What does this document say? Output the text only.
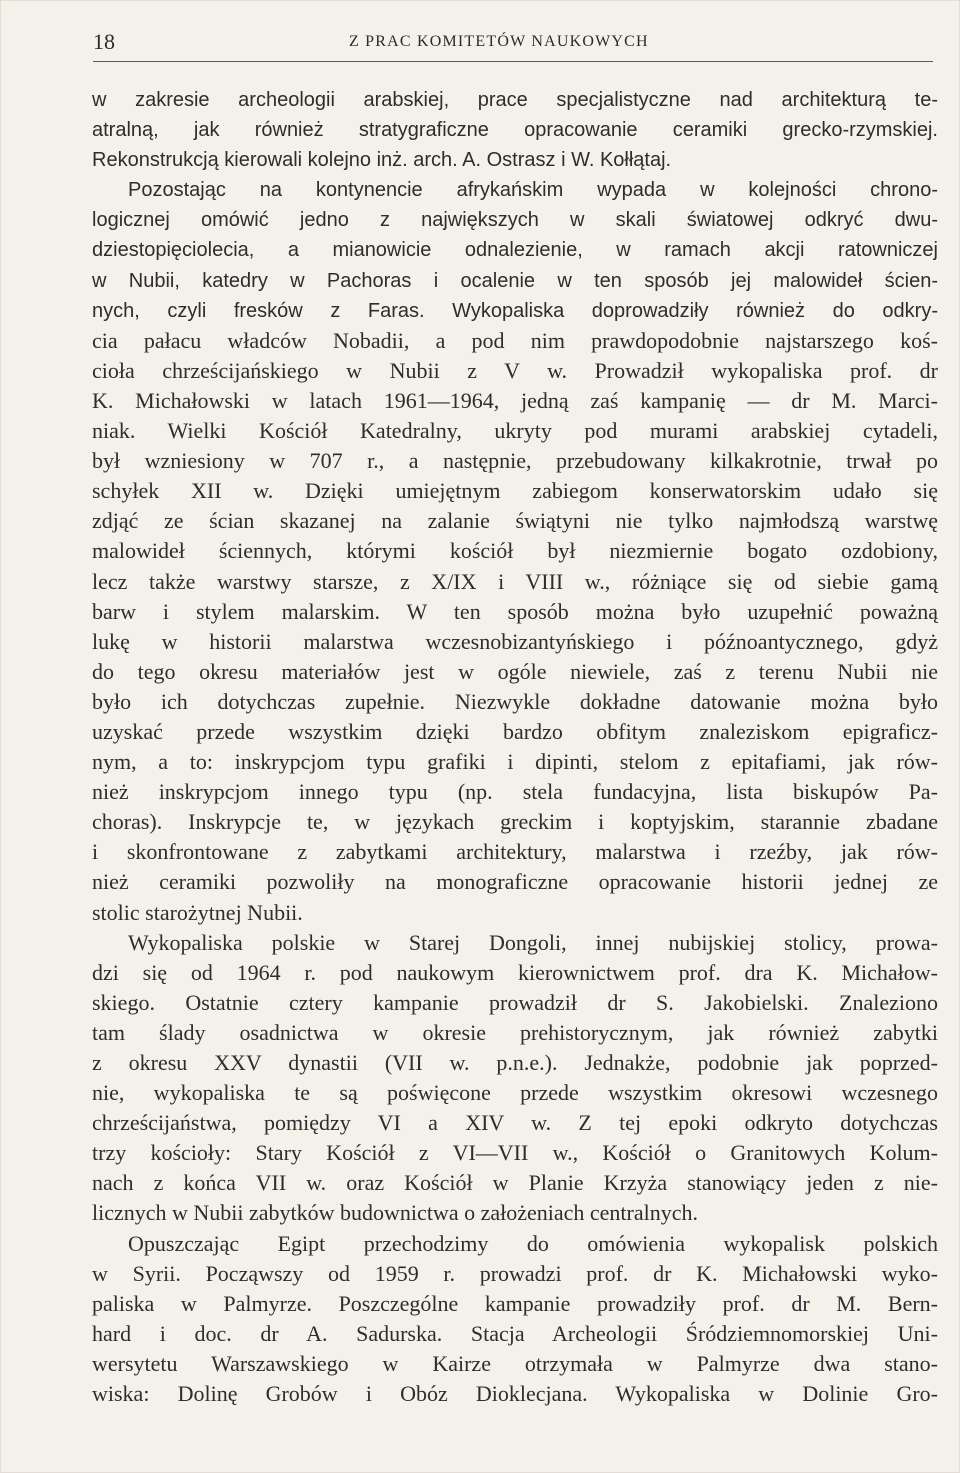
18	Z PRAC KOMITETÓW NAUKOWYCH
w zakresie archeologii arabskiej, prace specjalistyczne nad architekturą te-
atralną, jak również stratygraficzne opracowanie ceramiki grecko-rzymskiej.
Rekonstrukcją kierowali kolejno inż. arch. A. Ostrasz i W. Kołłątaj.
Pozostając na kontynencie afrykańskim wypada w kolejności chrono-
logicznej omówić jedno z największych w skali światowej odkryć dwu-
dziestopięciolecia, a mianowicie odnalezienie, w ramach akcji ratowniczej
w Nubii, katedry w Pachoras i ocalenie w ten sposób jej malowideł ścien-
nych, czyli fresków z Faras. Wykopaliska doprowadziły również do odkry-
cia pałacu władców Nobadii, a pod nim prawdopodobnie najstarszego koś-
cioła chrześcijańskiego w Nubii z V w. Prowadził wykopaliska prof. dr
K. Michałowski w latach 1961—1964, jedną zaś kampanię — dr M. Marci-
niak. Wielki Kościół Katedralny, ukryty pod murami arabskiej cytadeli,
był wzniesiony w 707 r., a następnie, przebudowany kilkakrotnie, trwał po
schyłek XII w. Dzięki umiejętnym zabiegom konserwatorskim udało się
zdjąć ze ścian skazanej na zalanie świątyni nie tylko najmłodszą warstwę
malowideł ściennych, którymi kościół był niezmiernie bogato ozdobiony,
lecz także warstwy starsze, z X/IX i VIII w., różniące się od siebie gamą
barw i stylem malarskim. W ten sposób można było uzupełnić poważną
lukę w historii malarstwa wczesnobizantyńskiego i późnoantycznego, gdyż
do tego okresu materiałów jest w ogóle niewiele, zaś z terenu Nubii nie
było ich dotychczas zupełnie. Niezwykle dokładne datowanie można było
uzyskać przede wszystkim dzięki bardzo obfitym znaleziskom epigraficz-
nym, a to: inskrypcjom typu grafiki i dipinti, stelom z epitafiami, jak rów-
nież inskrypcjom innego typu (np. stela fundacyjna, lista biskupów Pa-
choras). Inskrypcje te, w językach greckim i koptyjskim, starannie zbadane
i skonfrontowane z zabytkami architektury, malarstwa i rzeźby, jak rów-
nież ceramiki pozwoliły na monograficzne opracowanie historii jednej ze
stolic starożytnej Nubii.
Wykopaliska polskie w Starej Dongoli, innej nubijskiej stolicy, prowa-
dzi się od 1964 r. pod naukowym kierownictwem prof. dra K. Michałow-
skiego. Ostatnie cztery kampanie prowadził dr S. Jakobielski. Znaleziono
tam ślady osadnictwa w okresie prehistorycznym, jak również zabytki
z okresu XXV dynastii (VII w. p.n.e.). Jednakże, podobnie jak poprzed-
nie, wykopaliska te są poświęcone przede wszystkim okresowi wczesnego
chrześcijaństwa, pomiędzy VI a XIV w. Z tej epoki odkryto dotychczas
trzy kościoły: Stary Kościół z VI—VII w., Kościół o Granitowych Kolum-
nach z końca VII w. oraz Kościół w Planie Krzyża stanowiący jeden z nie-
licznych w Nubii zabytków budownictwa o założeniach centralnych.
Opuszczając Egipt przechodzimy do omówienia wykopalisk polskich
w Syrii. Począwszy od 1959 r. prowadzi prof. dr K. Michałowski wyko-
paliska w Palmyrze. Poszczególne kampanie prowadziły prof. dr M. Bern-
hard i doc. dr A. Sadurska. Stacja Archeologii Śródziemnomorskiej Uni-
wersytetu Warszawskiego w Kairze otrzymała w Palmyrze dwa stano-
wiska: Dolinę Grobów i Obóz Dioklecjana. Wykopaliska w Dolinie Gro-
